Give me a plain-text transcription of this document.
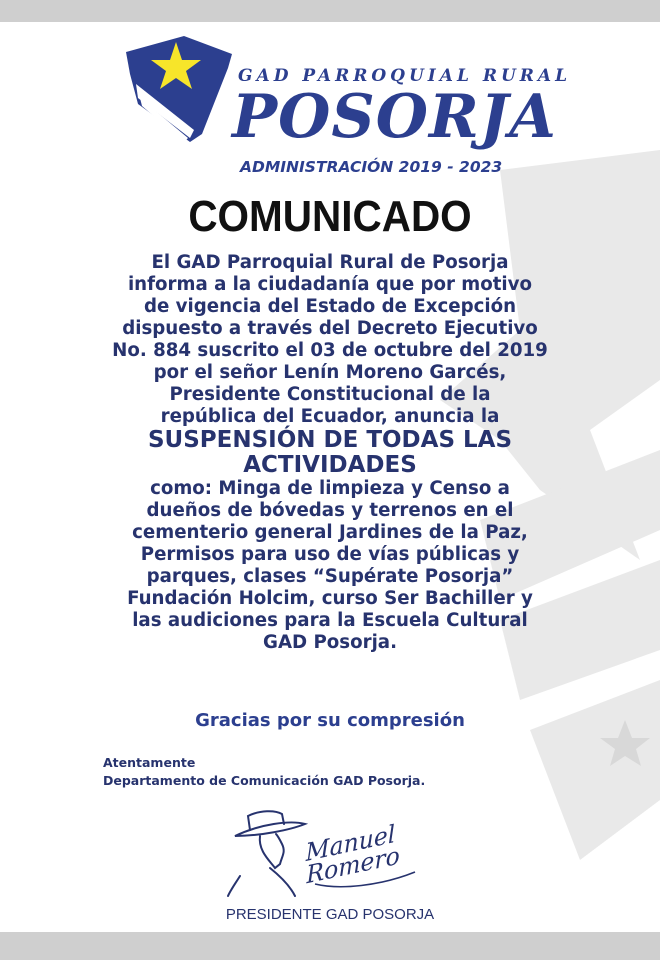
GAD PARROQUIAL RURAL
POSORJA
ADMINISTRACIÓN 2019 - 2023
COMUNICADO

El GAD Parroquial Rural de Posorja

informa a la ciudadanía que por motivo

de vigencia del Estado de Excepción

dispuesto a través del Decreto Ejecutivo

No. 884 suscrito el 03 de octubre del 2019

por el señor Lenín Moreno Garcés,

Presidente Constitucional de la

república del Ecuador, anuncia la

SUSPENSIÓN DE TODAS LAS

ACTIVIDADES

como: Minga de limpieza y Censo a

dueños de bóvedas y terrenos en el

cementerio general Jardines de la Paz,

Permisos para uso de vías públicas y

parques, clases “Supérate Posorja”

Fundación Holcim, curso Ser Bachiller y

las audiciones para la Escuela Cultural

GAD Posorja.

Gracias por su compresión
Atentamente
Departamento de Comunicación GAD Posorja.
Manuel Romero
PRESIDENTE GAD POSORJA
